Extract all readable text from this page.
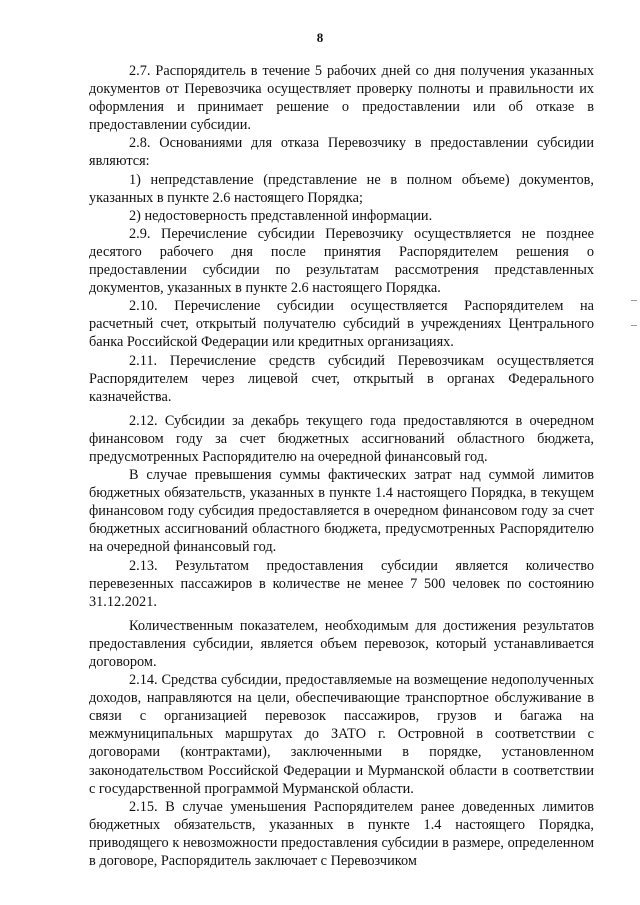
8

2.7. Распорядитель в течение 5 рабочих дней со дня получения указанных документов от Перевозчика осуществляет проверку полноты и правильности их оформления и принимает решение о предоставлении или об отказе в предоставлении субсидии.

2.8. Основаниями для отказа Перевозчику в предоставлении субсидии являются:

1) непредставление (представление не в полном объеме) документов, указанных в пункте 2.6 настоящего Порядка;

2) недостоверность представленной информации.

2.9. Перечисление субсидии Перевозчику осуществляется не позднее десятого рабочего дня после принятия Распорядителем решения о предоставлении субсидии по результатам рассмотрения представленных документов, указанных в пункте 2.6 настоящего Порядка.

2.10. Перечисление субсидии осуществляется Распорядителем на расчетный счет, открытый получателю субсидий в учреждениях Центрального банка Российской Федерации или кредитных организациях.

2.11. Перечисление средств субсидий Перевозчикам осуществляется Распорядителем через лицевой счет, открытый в органах Федерального казначейства.

2.12. Субсидии за декабрь текущего года предоставляются в очередном финансовом году за счет бюджетных ассигнований областного бюджета, предусмотренных Распорядителю на очередной финансовый год.

В случае превышения суммы фактических затрат над суммой лимитов бюджетных обязательств, указанных в пункте 1.4 настоящего Порядка, в текущем финансовом году субсидия предоставляется в очередном финансовом году за счет бюджетных ассигнований областного бюджета, предусмотренных Распорядителю на очередной финансовый год.

2.13. Результатом предоставления субсидии является количество перевезенных пассажиров в количестве не менее 7 500 человек по состоянию 31.12.2021.

Количественным показателем, необходимым для достижения результатов предоставления субсидии, является объем перевозок, который устанавливается договором.

2.14. Средства субсидии, предоставляемые на возмещение недополученных доходов, направляются на цели, обеспечивающие транспортное обслуживание в связи с организацией перевозок пассажиров, грузов и багажа на межмуниципальных маршрутах до ЗАТО г. Островной в соответствии с договорами (контрактами), заключенными в порядке, установленном законодательством Российской Федерации и Мурманской области в соответствии с государственной программой Мурманской области.

2.15. В случае уменьшения Распорядителем ранее доведенных лимитов бюджетных обязательств, указанных в пункте 1.4 настоящего Порядка, приводящего к невозможности предоставления субсидии в размере, определенном в договоре, Распорядитель заключает с Перевозчиком
